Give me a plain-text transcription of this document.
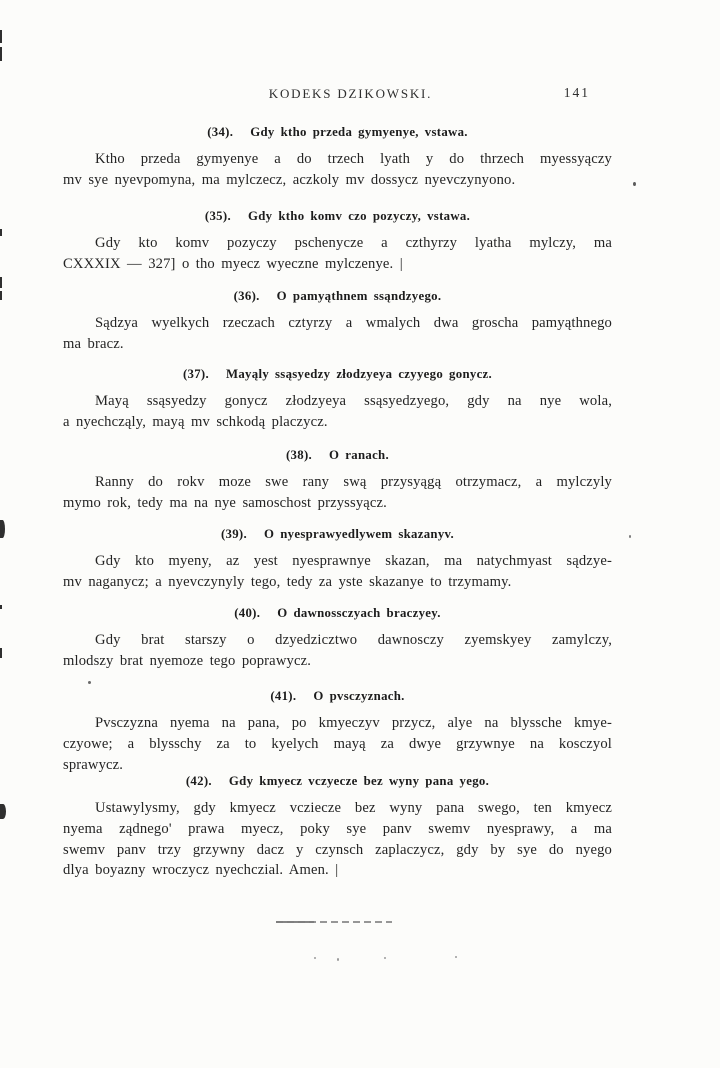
KODEKS DZIKOWSKI.	141
(34). Gdy ktho przeda gymyenye, vstawa.

Ktho przeda gymyenye a do trzech lyath y do thrzech myessyączy

mv sye nyevpomyna, ma mylczecz, aczkoly mv dossycz nyevczynyono.

(35). Gdy ktho komv czo pozyczy, vstawa.

Gdy kto komv pozyczy pschenycze a czthyrzy lyatha mylczy, ma

CXXXIX — 327] o tho myecz wyeczne mylczenye. |

(36). O pamyąthnem ssąndzyego.

Sądzya wyelkych rzeczach cztyrzy a wmalych dwa groscha pamyąthnego

ma bracz.

(37). Mayąly ssąsyedzy złodzyeya czyyego gonycz.

Mayą ssąsyedzy gonycz złodzyeya ssąsyedzyego, gdy na nye wola,

a nyechcząly, mayą mv schkodą placzycz.

(38). O ranach.

Ranny do rokv moze swe rany swą przysyągą otrzymacz, a mylczyly

mymo rok, tedy ma na nye samoschost przyssyącz.

(39). O nyesprawyedlywem skazanyv.

Gdy kto myeny, az yest nyesprawnye skazan, ma natychmyast sądzye-

mv naganycz; a nyevczynyly tego, tedy za yste skazanye to trzymamy.

(40). O dawnossczyach braczyey.

Gdy brat starszy o dzyedzicztwo dawnosczy zyemskyey zamylczy,

mlodszy brat nyemoze tego poprawycz.

(41). O pvsczyznach.

Pvsczyzna nyema na pana, po kmyeczyv przycz, alye na blyssche kmye-

czyowe; a blysschy za to kyelych mayą za dwye grzywnye na kosczyol

sprawycz.

(42). Gdy kmyecz vczyecze bez wyny pana yego.

Ustawylysmy, gdy kmyecz vcziecze bez wyny pana swego, ten kmyecz

nyema ządnego' prawa myecz, poky sye panv swemv nyesprawy, a ma

swemv panv trzy grzywny dacz y czynsch zaplaczycz, gdy by sye do nyego

dlya boyazny wroczycz nyechczial. Amen. |
